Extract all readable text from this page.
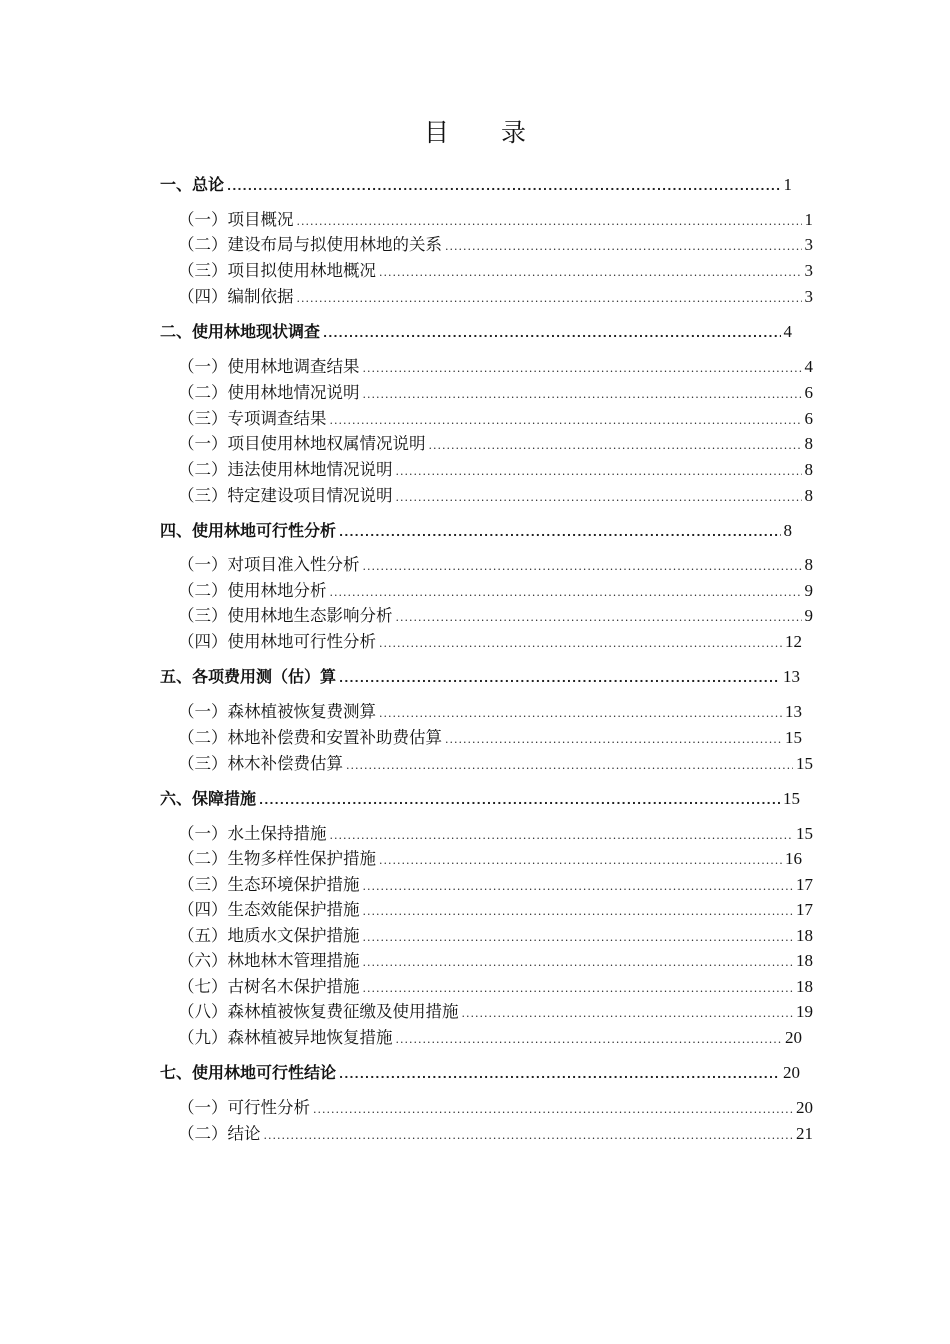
目 录
一、总论 .....	1
（一）项目概况 .....	1
（二）建设布局与拟使用林地的关系 .....	3
（三）项目拟使用林地概况 .....	3
（四）编制依据 .....	3
二、使用林地现状调查 .....	4
（一）使用林地调查结果 .....	4
（二）使用林地情况说明 .....	6
（三）专项调查结果 .....	6
（一）项目使用林地权属情况说明 .....	8
（二）违法使用林地情况说明 .....	8
（三）特定建设项目情况说明 .....	8
四、使用林地可行性分析 .....	8
（一）对项目准入性分析 .....	8
（二）使用林地分析 .....	9
（三）使用林地生态影响分析 .....	9
（四）使用林地可行性分析 .....	12
五、各项费用测（估）算 .....	13
（一）森林植被恢复费测算 .....	13
（二）林地补偿费和安置补助费估算 .....	15
（三）林木补偿费估算 .....	15
六、保障措施 .....	15
（一）水土保持措施 .....	15
（二）生物多样性保护措施 .....	16
（三）生态环境保护措施 .....	17
（四）生态效能保护措施 .....	17
（五）地质水文保护措施 .....	18
（六）林地林木管理措施 .....	18
（七）古树名木保护措施 .....	18
（八）森林植被恢复费征缴及使用措施 .....	19
（九）森林植被异地恢复措施 .....	20
七、使用林地可行性结论 .....	20
（一）可行性分析 .....	20
（二）结论 .....	21
